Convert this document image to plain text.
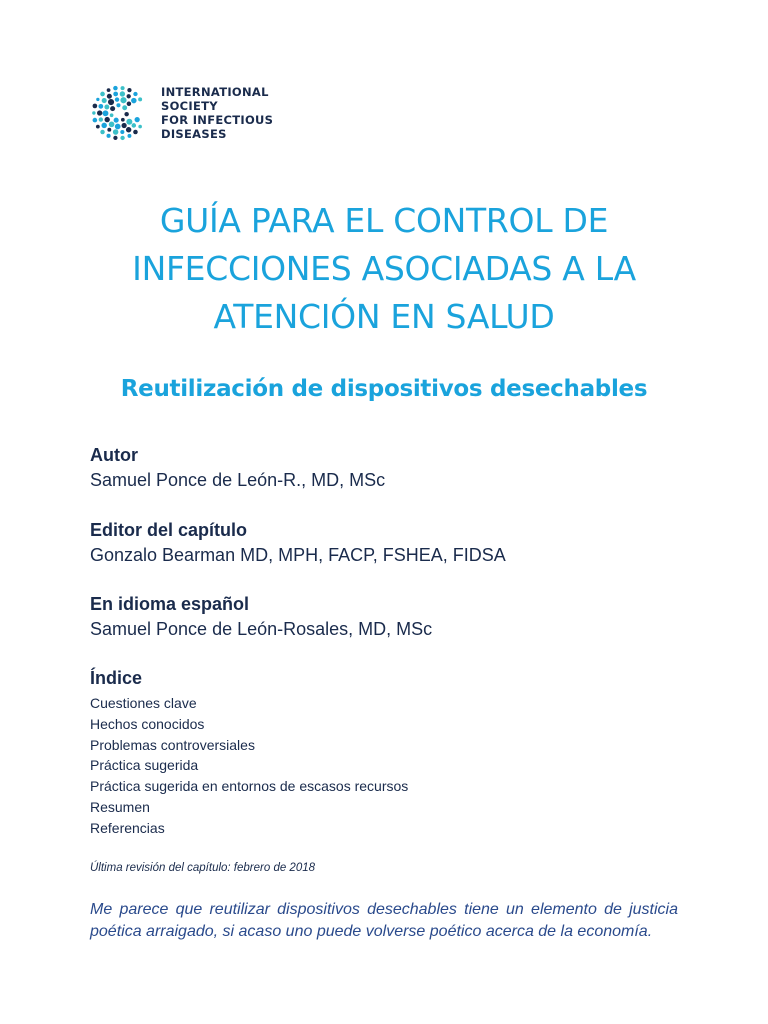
INTERNATIONAL
SOCIETY
FOR INFECTIOUS
DISEASES
GUÍA PARA EL CONTROL DE
INFECCIONES ASOCIADAS A LA
ATENCIÓN EN SALUD
Reutilización de dispositivos desechables
Autor
Samuel Ponce de León-R., MD, MSc
Editor del capítulo
Gonzalo Bearman MD, MPH, FACP, FSHEA, FIDSA
En idioma español
Samuel Ponce de León-Rosales, MD, MSc
Índice
Cuestiones clave
Hechos conocidos
Problemas controversiales
Práctica sugerida
Práctica sugerida en entornos de escasos recursos
Resumen
Referencias
Última revisión del capítulo: febrero de 2018

Me parece que reutilizar dispositivos desechables tiene un elemento de justicia poética arraigado, si acaso uno puede volverse poético acerca de la economía.
